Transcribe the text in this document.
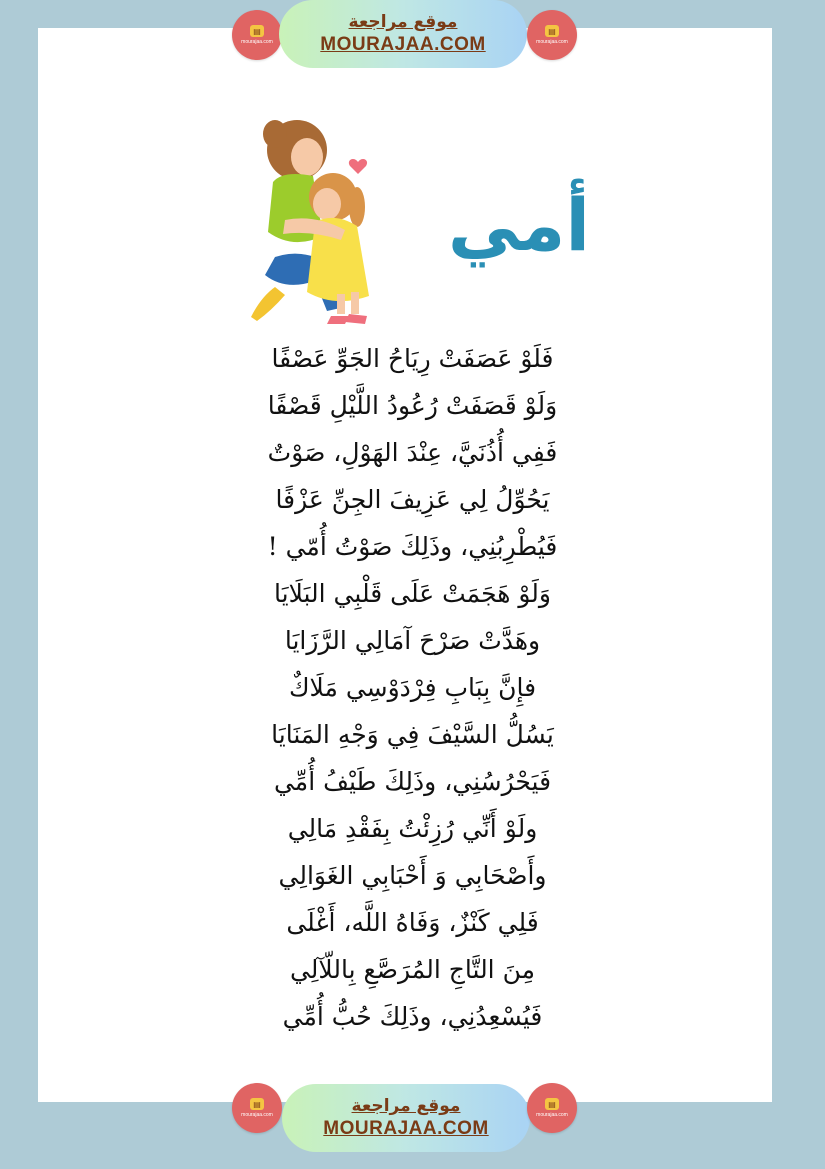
▤
mourajaa.com
موقع مراجعة
MOURAJAA.COM
▤
mourajaa.com
أمي
فَلَوْ عَصَفَتْ رِيَاحُ الجَوِّ عَصْفًا
وَلَوْ قَصَفَتْ رُعُودُ اللَّيْلِ قَصْفًا
فَفِي أُذُنَيَّ، عِنْدَ الهَوْلِ، صَوْتٌ
يَحُوِّلُ لِي عَزِيفَ الجِنِّ عَزْفًا
فَيُطْرِبُنِي، وذَلِكَ صَوْتُ أُمّي !
وَلَوْ هَجَمَتْ عَلَى قَلْبِي البَلَايَا
وهَدَّتْ صَرْحَ آمَالِي الرَّزَايَا
فإِنَّ بِبَابِ فِرْدَوْسِي مَلَاكٌ
يَسُلُّ السَّيْفَ فِي وَجْهِ المَنَايَا
فَيَحْرُسُنِي، وذَلِكَ طَيْفُ أُمِّي
ولَوْ أَنِّي رُزِئْتُ بِفَقْدِ مَالِي
وأَصْحَابِي وَ أَحْبَابِي الغَوَالِي
فَلِي كَنْزٌ، وَفَاهُ اللَّه، أَغْلَى
مِنَ التَّاجِ المُرَصَّعِ بِاللّآلِي
فَيُسْعِدُنِي، وذَلِكَ حُبُّ أُمِّي
▤
mourajaa.com	موقع مراجعة
MOURAJAA.COM
▤
mourajaa.com
